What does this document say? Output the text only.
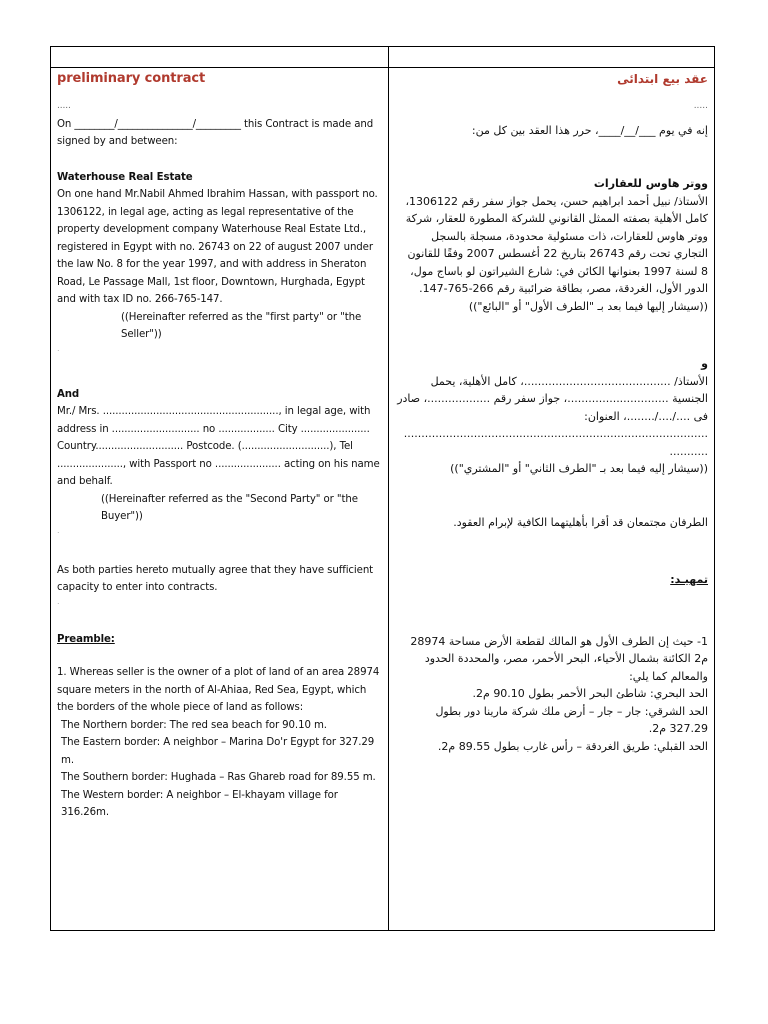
preliminary contract

.....

On ________/_______________/_________ this Contract is made and signed by and between:

Waterhouse Real Estate

On one hand Mr.Nabil Ahmed Ibrahim Hassan, with passport no. 1306122, in legal age, acting as legal representative of the property development company Waterhouse Real Estate Ltd., registered in Egypt with no. 26743 on 22 of august 2007 under the law No. 8 for the year 1997, and with address in Sheraton Road, Le Passage Mall, 1st floor, Downtown, Hurghada, Egypt and with tax ID no. 266-765-147.

((Hereinafter referred as the "first party" or "the Seller"))

.

And

Mr./ Mrs. ........................................................, in legal age, with address in ............................ no .................. City ...................... Country............................ Postcode. (............................), Tel ....................., with Passport no ..................... acting on his name and behalf.

((Hereinafter referred as the "Second Party" or "the Buyer"))

.

As both parties hereto mutually agree that they have sufficient capacity to enter into contracts.

.

Preamble:

1. Whereas seller is the owner of a plot of land of an area 28974 square meters in the north of Al-Ahiaa, Red Sea, Egypt, which the borders of the whole piece of land as follows:

The Northern border: The red sea beach for 90.10 m.

The Eastern border: A neighbor – Marina Do'r Egypt for 327.29 m.

The Southern border: Hughada – Ras Ghareb road for 89.55 m.

The Western border: A neighbor – El-khayam village for 316.26m.

عقد بيع ابتدائى

.....

إنه في يوم ___/__/____، حرر هذا العقد بين كل من:

ووتر هاوس للعقارات

الأستاذ/ نبيل أحمد ابراهيم حسن، يحمل جواز سفر رقم 1306122، كامل الأهلية بصفته الممثل القانوني للشركة المطورة للعقار، شركة ووتر هاوس للعقارات، ذات مسئولية محدودة، مسجلة بالسجل التجاري تحت رقم 26743 بتاريخ 22 أغسطس 2007 وفقًا للقانون 8 لسنة 1997 بعنوانها الكائن في: شارع الشيراتون لو باساج مول، الدور الأول، الغردقة، مصر، بطاقة ضرائبية رقم 266-765-147.

((سيشار إليها فيما بعد بـ "الطرف الأول" أو "البائع"))

و

الأستاذ/ ..........................................، كامل الأهلية، يحمل الجنسية .............................، جواز سفر رقم ..................، صادر فى ..../..../........، العنوان: ....................................................................................... ...........

((سيشار إليه فيما بعد بـ "الطرف الثاني" أو "المشتري"))

الطرفان مجتمعان قد أقرا بأهليتهما الكافية لإبرام العقود.

تمهيـد:

1- حيث إن الطرف الأول هو المالك لقطعة الأرض مساحة 28974 م2 الكائنة بشمال الأحياء، البحر الأحمر، مصر، والمحددة الحدود والمعالم كما يلي:

الحد البحري: شاطئ البحر الأحمر بطول 90.10 م2.

الحد الشرقي: جار – جار – أرض ملك شركة مارينا دور بطول 327.29 م2.

الحد القبلي: طريق الغردقة – رأس غارب بطول 89.55 م2.
